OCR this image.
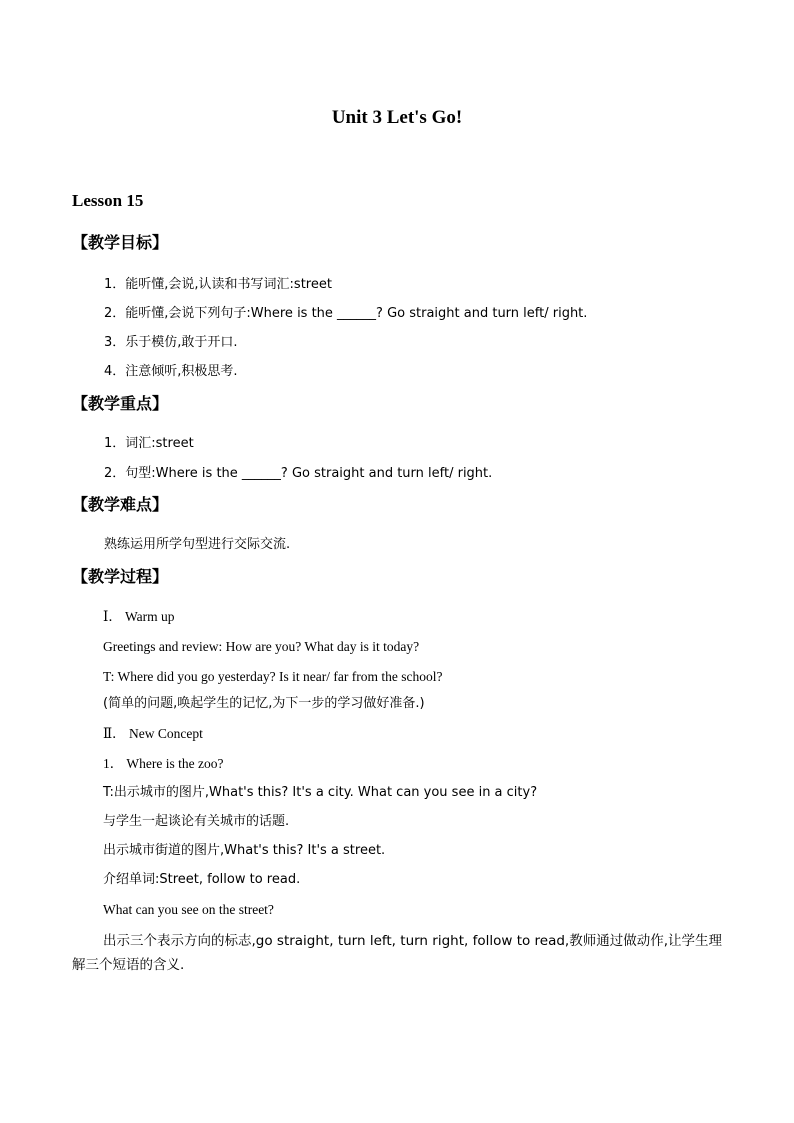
Unit 3 Let's Go!
Lesson 15
【教学目标】
1．能听懂,会说,认读和书写词汇:street
2．能听懂,会说下列句子:Where is the ______? Go straight and turn left/ right.
3．乐于模仿,敢于开口.
4．注意倾听,积极思考.
【教学重点】
1．词汇:street
2．句型:Where is the ______? Go straight and turn left/ right.
【教学难点】
熟练运用所学句型进行交际交流.
【教学过程】
Ⅰ． Warm up
Greetings and review: How are you? What day is it today?
T: Where did you go yesterday? Is it near/ far from the school?
(简单的问题,唤起学生的记忆,为下一步的学习做好准备.)
Ⅱ． New Concept
1． Where is the zoo?
T:出示城市的图片,What's this? It's a city. What can you see in a city?
与学生一起谈论有关城市的话题.
出示城市街道的图片,What's this? It's a street.
介绍单词:Street, follow to read.
What can you see on the street?
出示三个表示方向的标志,go straight, turn left, turn right, follow to read,教师通过做动作,让学生理解三个短语的含义.
